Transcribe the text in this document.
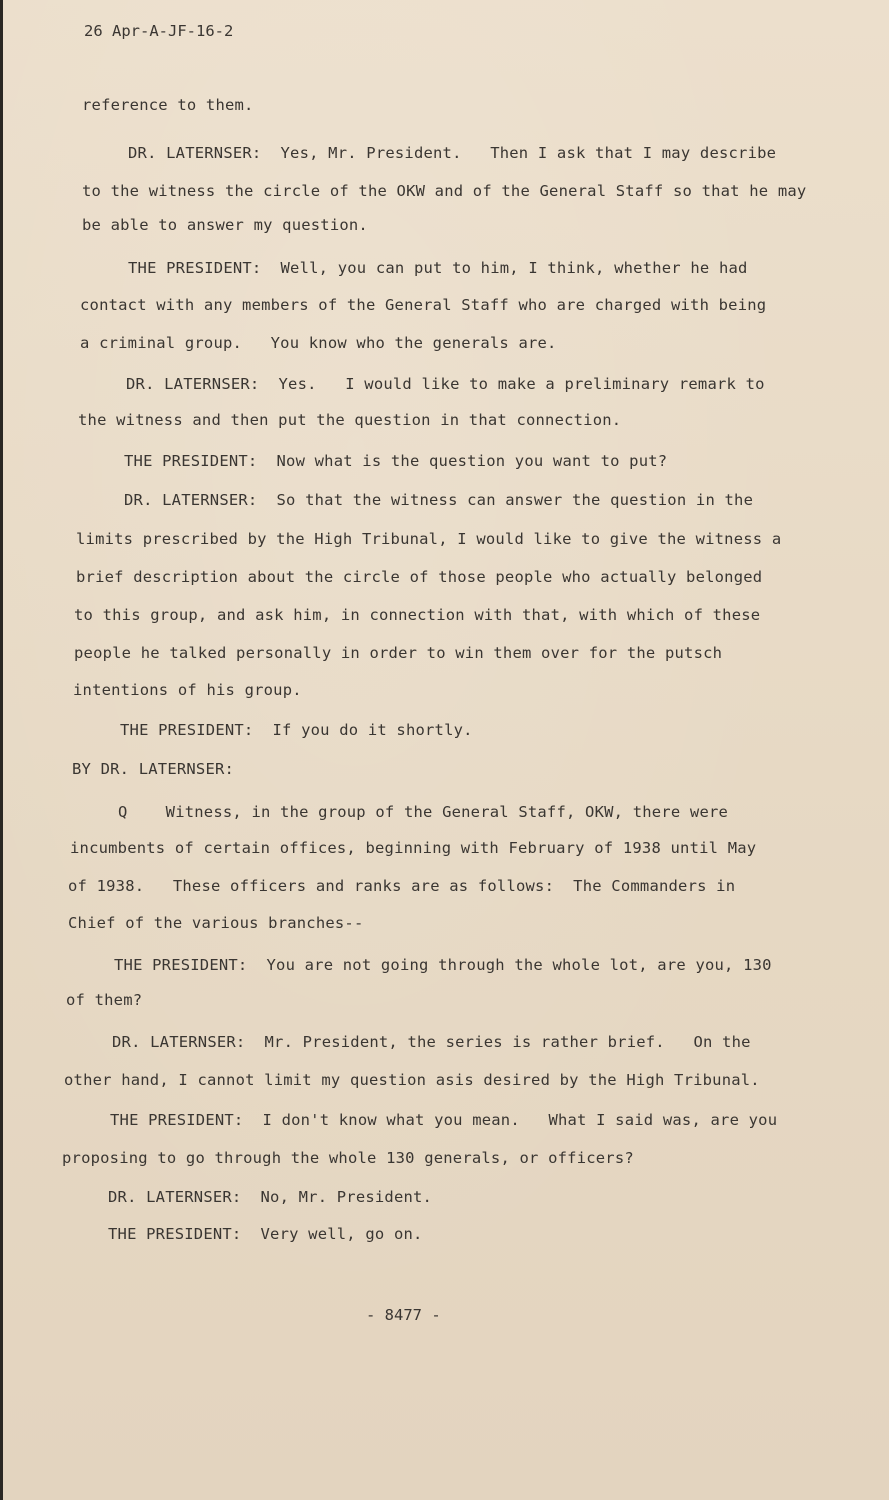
26 Apr-A-JF-16-2
reference to them.
DR. LATERNSER:  Yes, Mr. President.   Then I ask that I may describe
to the witness the circle of the OKW and of the General Staff so that he may
be able to answer my question.
THE PRESIDENT:  Well, you can put to him, I think, whether he had
contact with any members of the General Staff who are charged with being
a criminal group.   You know who the generals are.
DR. LATERNSER:  Yes.   I would like to make a preliminary remark to
the witness and then put the question in that connection.
THE PRESIDENT:  Now what is the question you want to put?
DR. LATERNSER:  So that the witness can answer the question in the
limits prescribed by the High Tribunal, I would like to give the witness a
brief description about the circle of those people who actually belonged
to this group, and ask him, in connection with that, with which of these
people he talked personally in order to win them over for the putsch
intentions of his group.
THE PRESIDENT:  If you do it shortly.
BY DR. LATERNSER:
Q    Witness, in the group of the General Staff, OKW, there were
incumbents of certain offices, beginning with February of 1938 until May
of 1938.   These officers and ranks are as follows:  The Commanders in
Chief of the various branches--
THE PRESIDENT:  You are not going through the whole lot, are you, 130
of them?
DR. LATERNSER:  Mr. President, the series is rather brief.   On the
other hand, I cannot limit my question asis desired by the High Tribunal.
THE PRESIDENT:  I don't know what you mean.   What I said was, are you
proposing to go through the whole 130 generals, or officers?
DR. LATERNSER:  No, Mr. President.
THE PRESIDENT:  Very well, go on.
- 8477 -
